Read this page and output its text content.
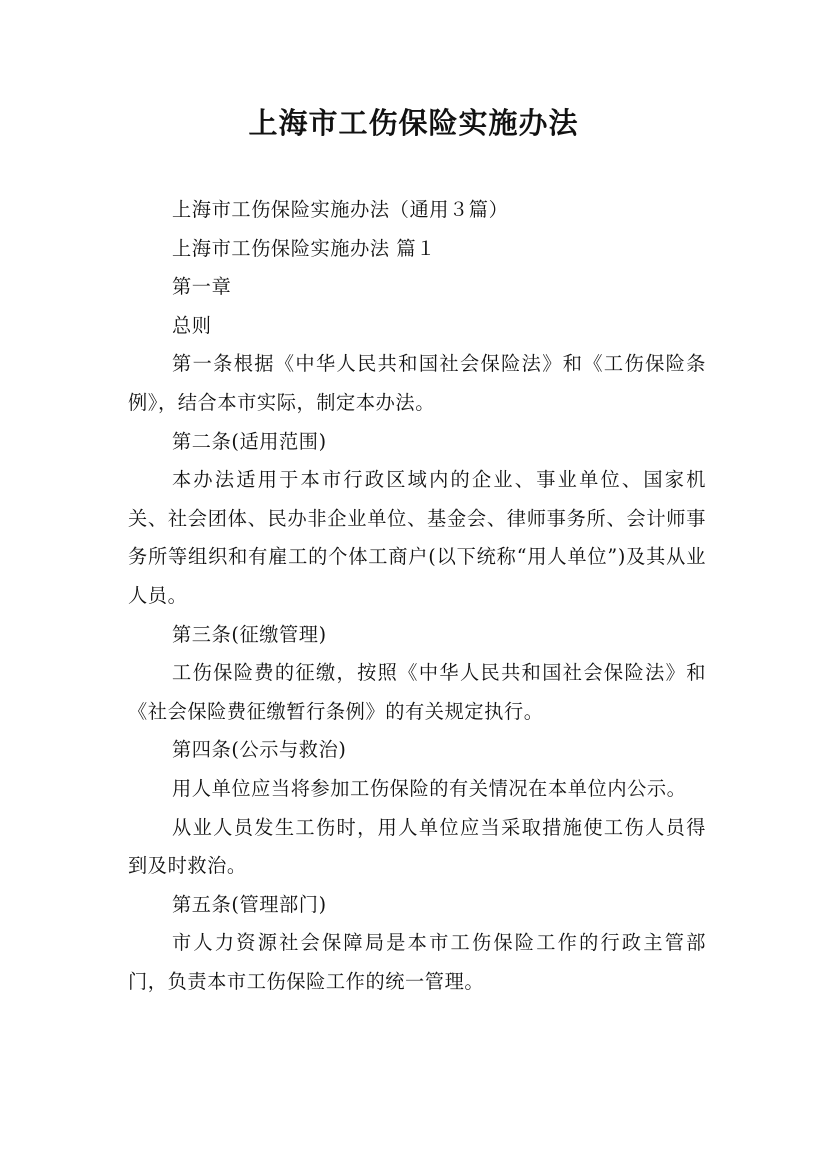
上海市工伤保险实施办法

上海市工伤保险实施办法（通用３篇）

上海市工伤保险实施办法 篇１

第一章

总则

第一条根据《中华人民共和国社会保险法》和《工伤保险条例》，结合本市实际，制定本办法。

第二条(适用范围)

本办法适用于本市行政区域内的企业、事业单位、国家机关、社会团体、民办非企业单位、基金会、律师事务所、会计师事务所等组织和有雇工的个体工商户(以下统称“用人单位”)及其从业人员。

第三条(征缴管理)

工伤保险费的征缴，按照《中华人民共和国社会保险法》和《社会保险费征缴暂行条例》的有关规定执行。

第四条(公示与救治)

用人单位应当将参加工伤保险的有关情况在本单位内公示。

从业人员发生工伤时，用人单位应当采取措施使工伤人员得到及时救治。

第五条(管理部门)

市人力资源社会保障局是本市工伤保险工作的行政主管部门，负责本市工伤保险工作的统一管理。
